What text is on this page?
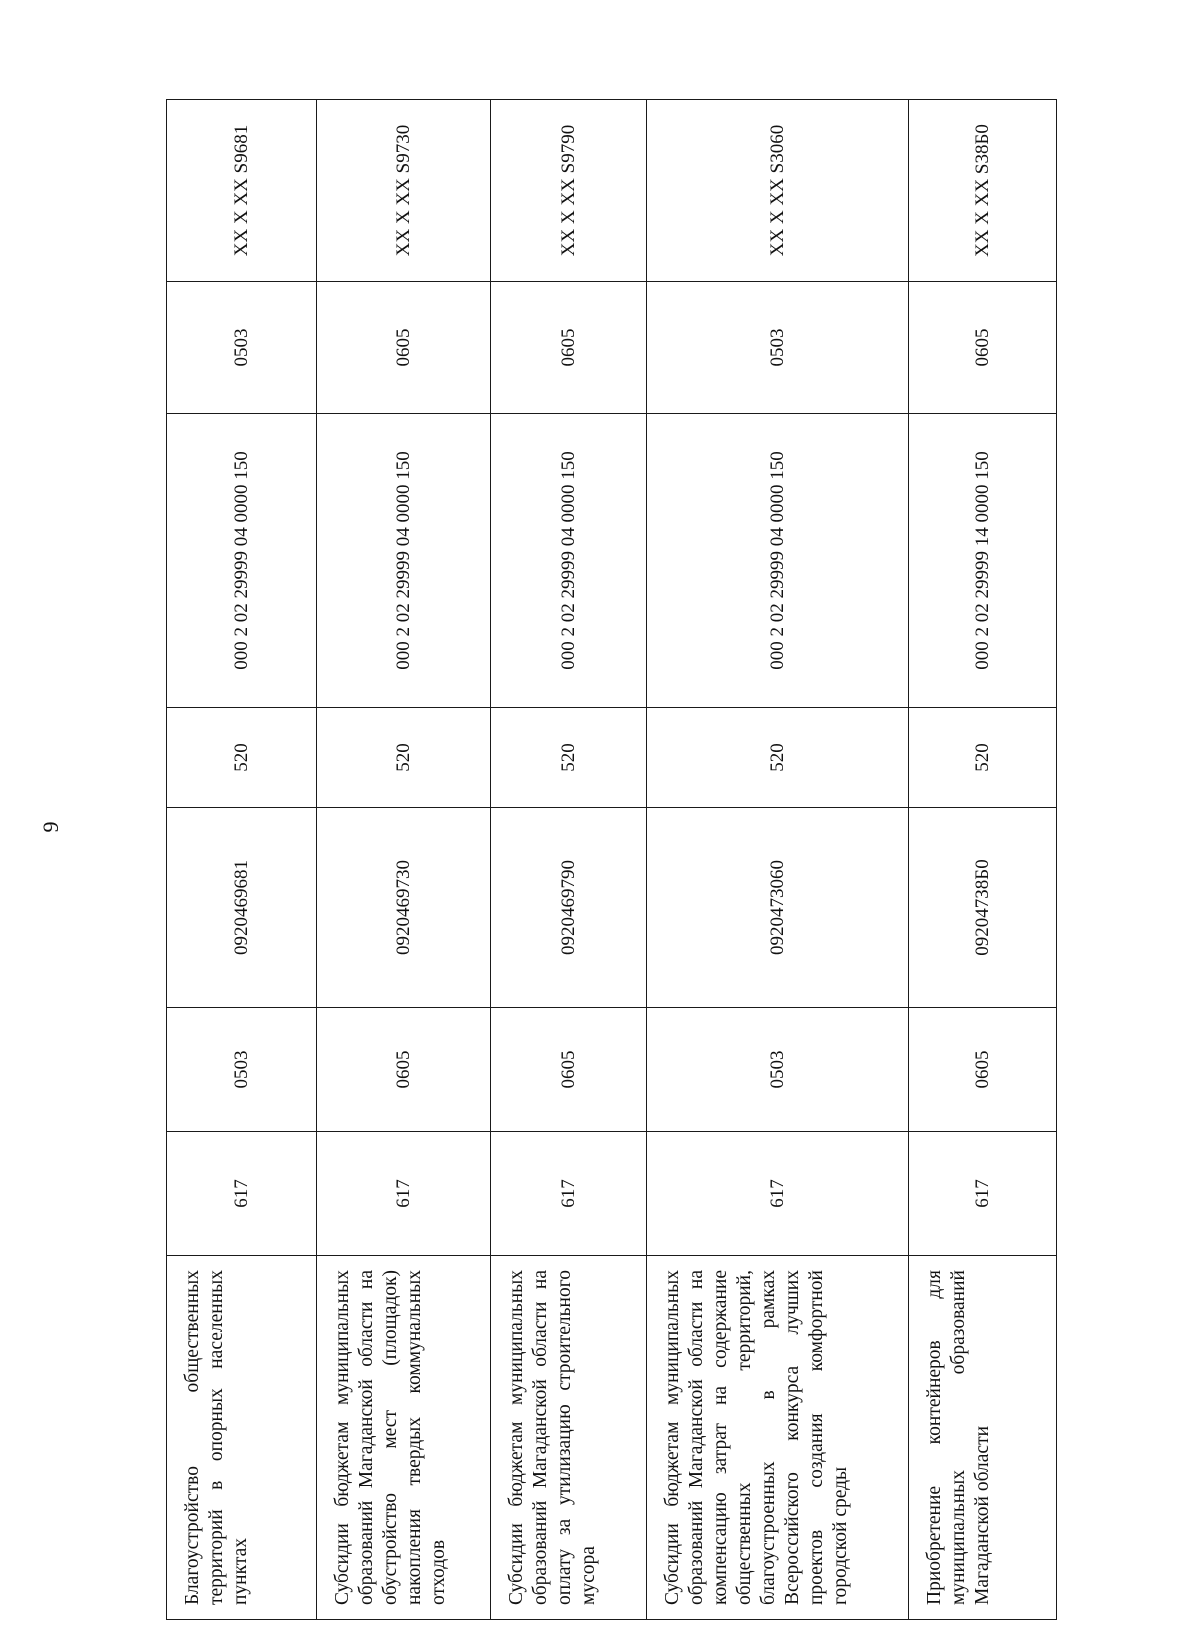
9
Благоустройство общественных территорий в опорных населенных пунктах	617	0503	0920469681	520	000 2 02 29999 04 0000 150	0503	XX X XX S9681
Субсидии бюджетам муниципальных образований Магаданской области на обустройство мест (площадок) накопления твердых коммунальных отходов	617	0605	0920469730	520	000 2 02 29999 04 0000 150	0605	XX X XX S9730
Субсидии бюджетам муниципальных образований Магаданской области на оплату за утилизацию строительного мусора	617	0605	0920469790	520	000 2 02 29999 04 0000 150	0605	XX X XX S9790
Субсидии бюджетам муниципальных образований Магаданской области на компенсацию затрат на содержание общественных территорий, благоустроенных в рамках Всероссийского конкурса лучших проектов создания комфортной городской среды	617	0503	0920473060	520	000 2 02 29999 04 0000 150	0503	XX X XX S3060
Приобретение контейнеров для муниципальных образований Магаданской области	617	0605	092047З8Б0	520	000 2 02 29999 14 0000 150	0605	XX X XX S38Б0
